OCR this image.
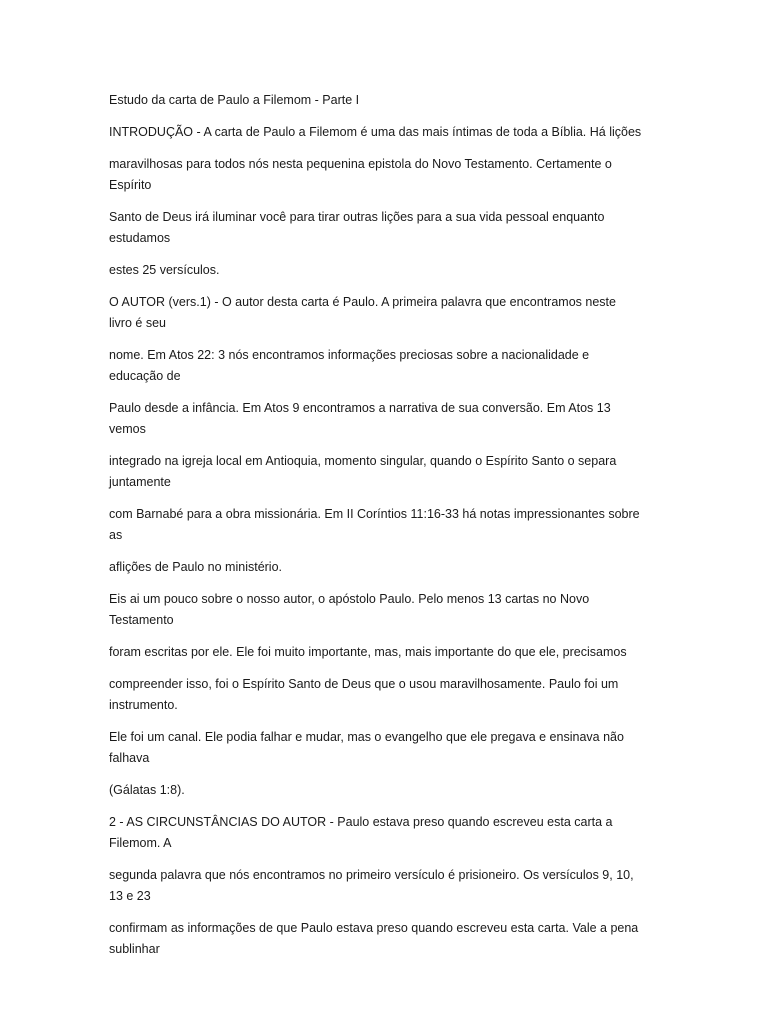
Estudo da carta de Paulo a Filemom - Parte I
INTRODUÇÃO - A carta de Paulo a Filemom é uma das mais íntimas de toda a Bíblia. Há lições
maravilhosas para todos nós nesta pequenina epistola do Novo Testamento. Certamente o
Espírito
Santo de Deus irá iluminar você para tirar outras lições para a sua vida pessoal enquanto
estudamos
estes 25 versículos.
O AUTOR (vers.1) - O autor desta carta é Paulo. A primeira palavra que encontramos neste
livro é seu
nome. Em Atos 22: 3 nós encontramos informações preciosas sobre a nacionalidade e
educação de
Paulo desde a infância. Em Atos 9 encontramos a narrativa de sua conversão. Em Atos 13
vemos
integrado na igreja local em Antioquia, momento singular, quando o Espírito Santo o separa
juntamente
com Barnabé para a obra missionária. Em II Coríntios 11:16-33 há notas impressionantes sobre
as
aflições de Paulo no ministério.
Eis ai um pouco sobre o nosso autor, o apóstolo Paulo. Pelo menos 13 cartas no Novo
Testamento
foram escritas por ele. Ele foi muito importante, mas, mais importante do que ele, precisamos
compreender isso, foi o Espírito Santo de Deus que o usou maravilhosamente. Paulo foi um
instrumento.
Ele foi um canal. Ele podia falhar e mudar, mas o evangelho que ele pregava e ensinava não
falhava
(Gálatas 1:8).
2 - AS CIRCUNSTÂNCIAS DO AUTOR - Paulo estava preso quando escreveu esta carta a
Filemom. A
segunda palavra que nós encontramos no primeiro versículo é prisioneiro. Os versículos 9, 10,
13 e 23
confirmam as informações de que Paulo estava preso quando escreveu esta carta. Vale a pena
sublinhar
